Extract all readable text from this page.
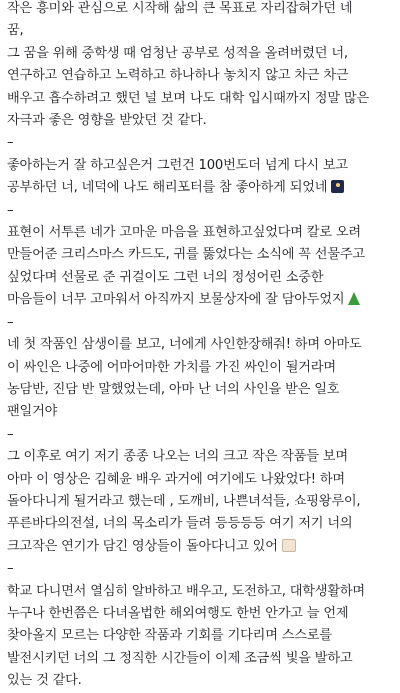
작은 흥미와 관심으로 시작해 삶의 큰 목표로 자리잡혀가던 네
꿈,
그 꿈을 위해 중학생 때 엄청난 공부로 성적을 올려버렸던 너,
연구하고 연습하고 노력하고 하나하나 놓치지 않고 차근 차근
배우고 흡수하려고 했던 널 보며 나도 대학 입시때까지 정말 많은
자극과 좋은 영향을 받았던 것 같다.
–
좋아하는거 잘 하고싶은거 그런건 100번도더 넘게 다시 보고
공부하던 너, 네덕에 나도 해리포터를 참 좋아하게 되었네
–
표현이 서투른 네가 고마운 마음을 표현하고싶었다며 칼로 오려
만들어준 크리스마스 카드도, 귀를 뚫었다는 소식에 꼭 선물주고
싶었다며 선물로 준 귀걸이도 그런 너의 정성어린 소중한
마음들이 너무 고마워서 아직까지 보물상자에 잘 담아두었지
–
네 첫 작품인 삼생이를 보고, 너에게 사인한장해줘! 하며 아마도
이 싸인은 나중에 어마어마한 가치를 가진 싸인이 될거라며
농담반, 진담 반 말했었는데, 아마 난 너의 사인을 받은 일호
팬일거야
–
그 이후로 여기 저기 종종 나오는 너의 크고 작은 작품들 보며
아마 이 영상은 김혜윤 배우 과거에 여기에도 나왔었다! 하며
돌아다니게 될거라고 했는데 , 도깨비, 나쁜녀석들, 쇼핑왕루이,
푸른바다의전설, 너의 목소리가 들려 등등등등 여기 저기 너의
크고작은 연기가 담긴 영상들이 돌아다니고 있어
–
학교 다니면서 열심히 알바하고 배우고, 도전하고, 대학생활하며
누구나 한번쯤은 다녀올법한 해외여행도 한번 안가고 늘 언제
찾아올지 모르는 다양한 작품과 기회를 기다리며 스스로를
발전시키던 너의 그 정직한 시간들이 이제 조금씩 빛을 발하고
있는 것 같다.
